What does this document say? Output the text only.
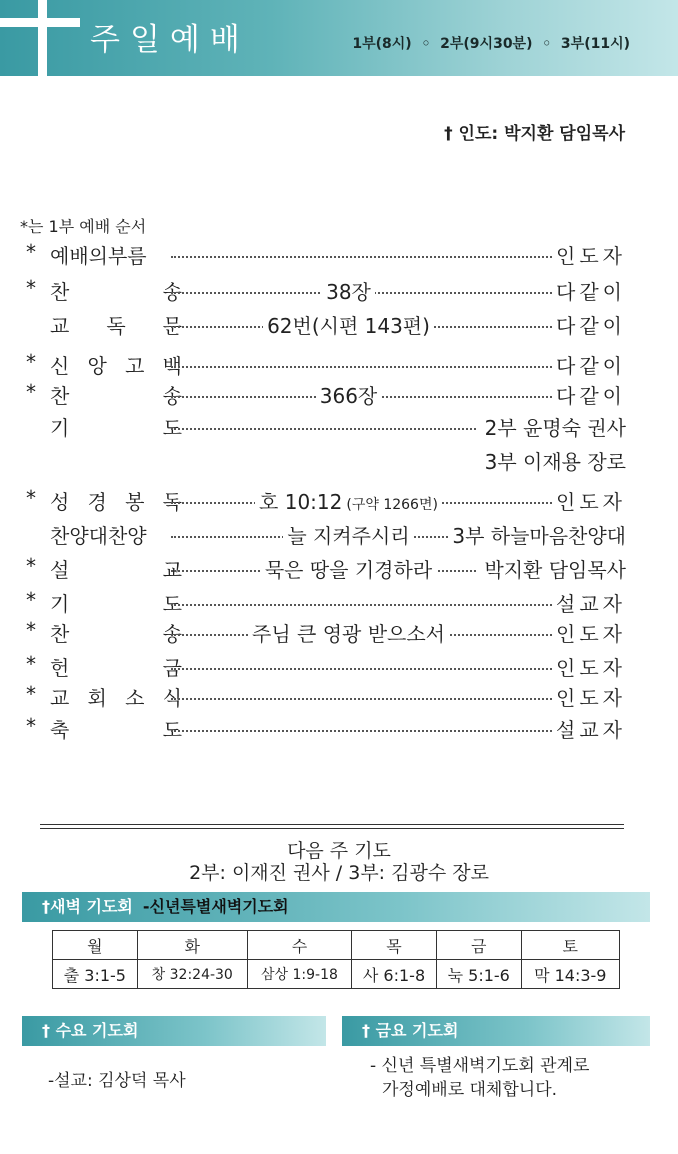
주일예배	1부(8시)  ◦  2부(9시30분)  ◦  3부(11시)
† 인도: 박지환 담임목사
*는 1부 예배 순서
* 예배의부름	인도자
* 찬	송	38장	다같이
교 독 문	62번(시편 143편)	다같이
* 신 앙 고 백	다같이
* 찬	송	366장	다같이
기	도	2부 윤명숙 권사
3부 이재용 장로
* 성 경 봉 독	호 10:12 (구약 1266면)	인도자
찬양대찬양	늘 지켜주시리	3부 하늘마음찬양대
* 설	교	묵은 땅을 기경하라	박지환 담임목사
* 기	도	설교자
* 찬	송	주님 큰 영광 받으소서	인도자
* 헌	금	인도자
* 교 회 소 식	인도자
* 축	도	설교자
다음 주 기도
2부: 이재진 권사 / 3부: 김광수 장로
†새벽 기도회 -신년특별새벽기도회
월	화	수	목	금	토
출 3:1-5	창 32:24-30	삼상 1:9-18	사 6:1-8	눅 5:1-6	막 14:3-9
† 수요 기도회
-설교: 김상덕 목사
† 금요 기도회
- 신년 특별새벽기도회 관계로
가정예배로 대체합니다.
